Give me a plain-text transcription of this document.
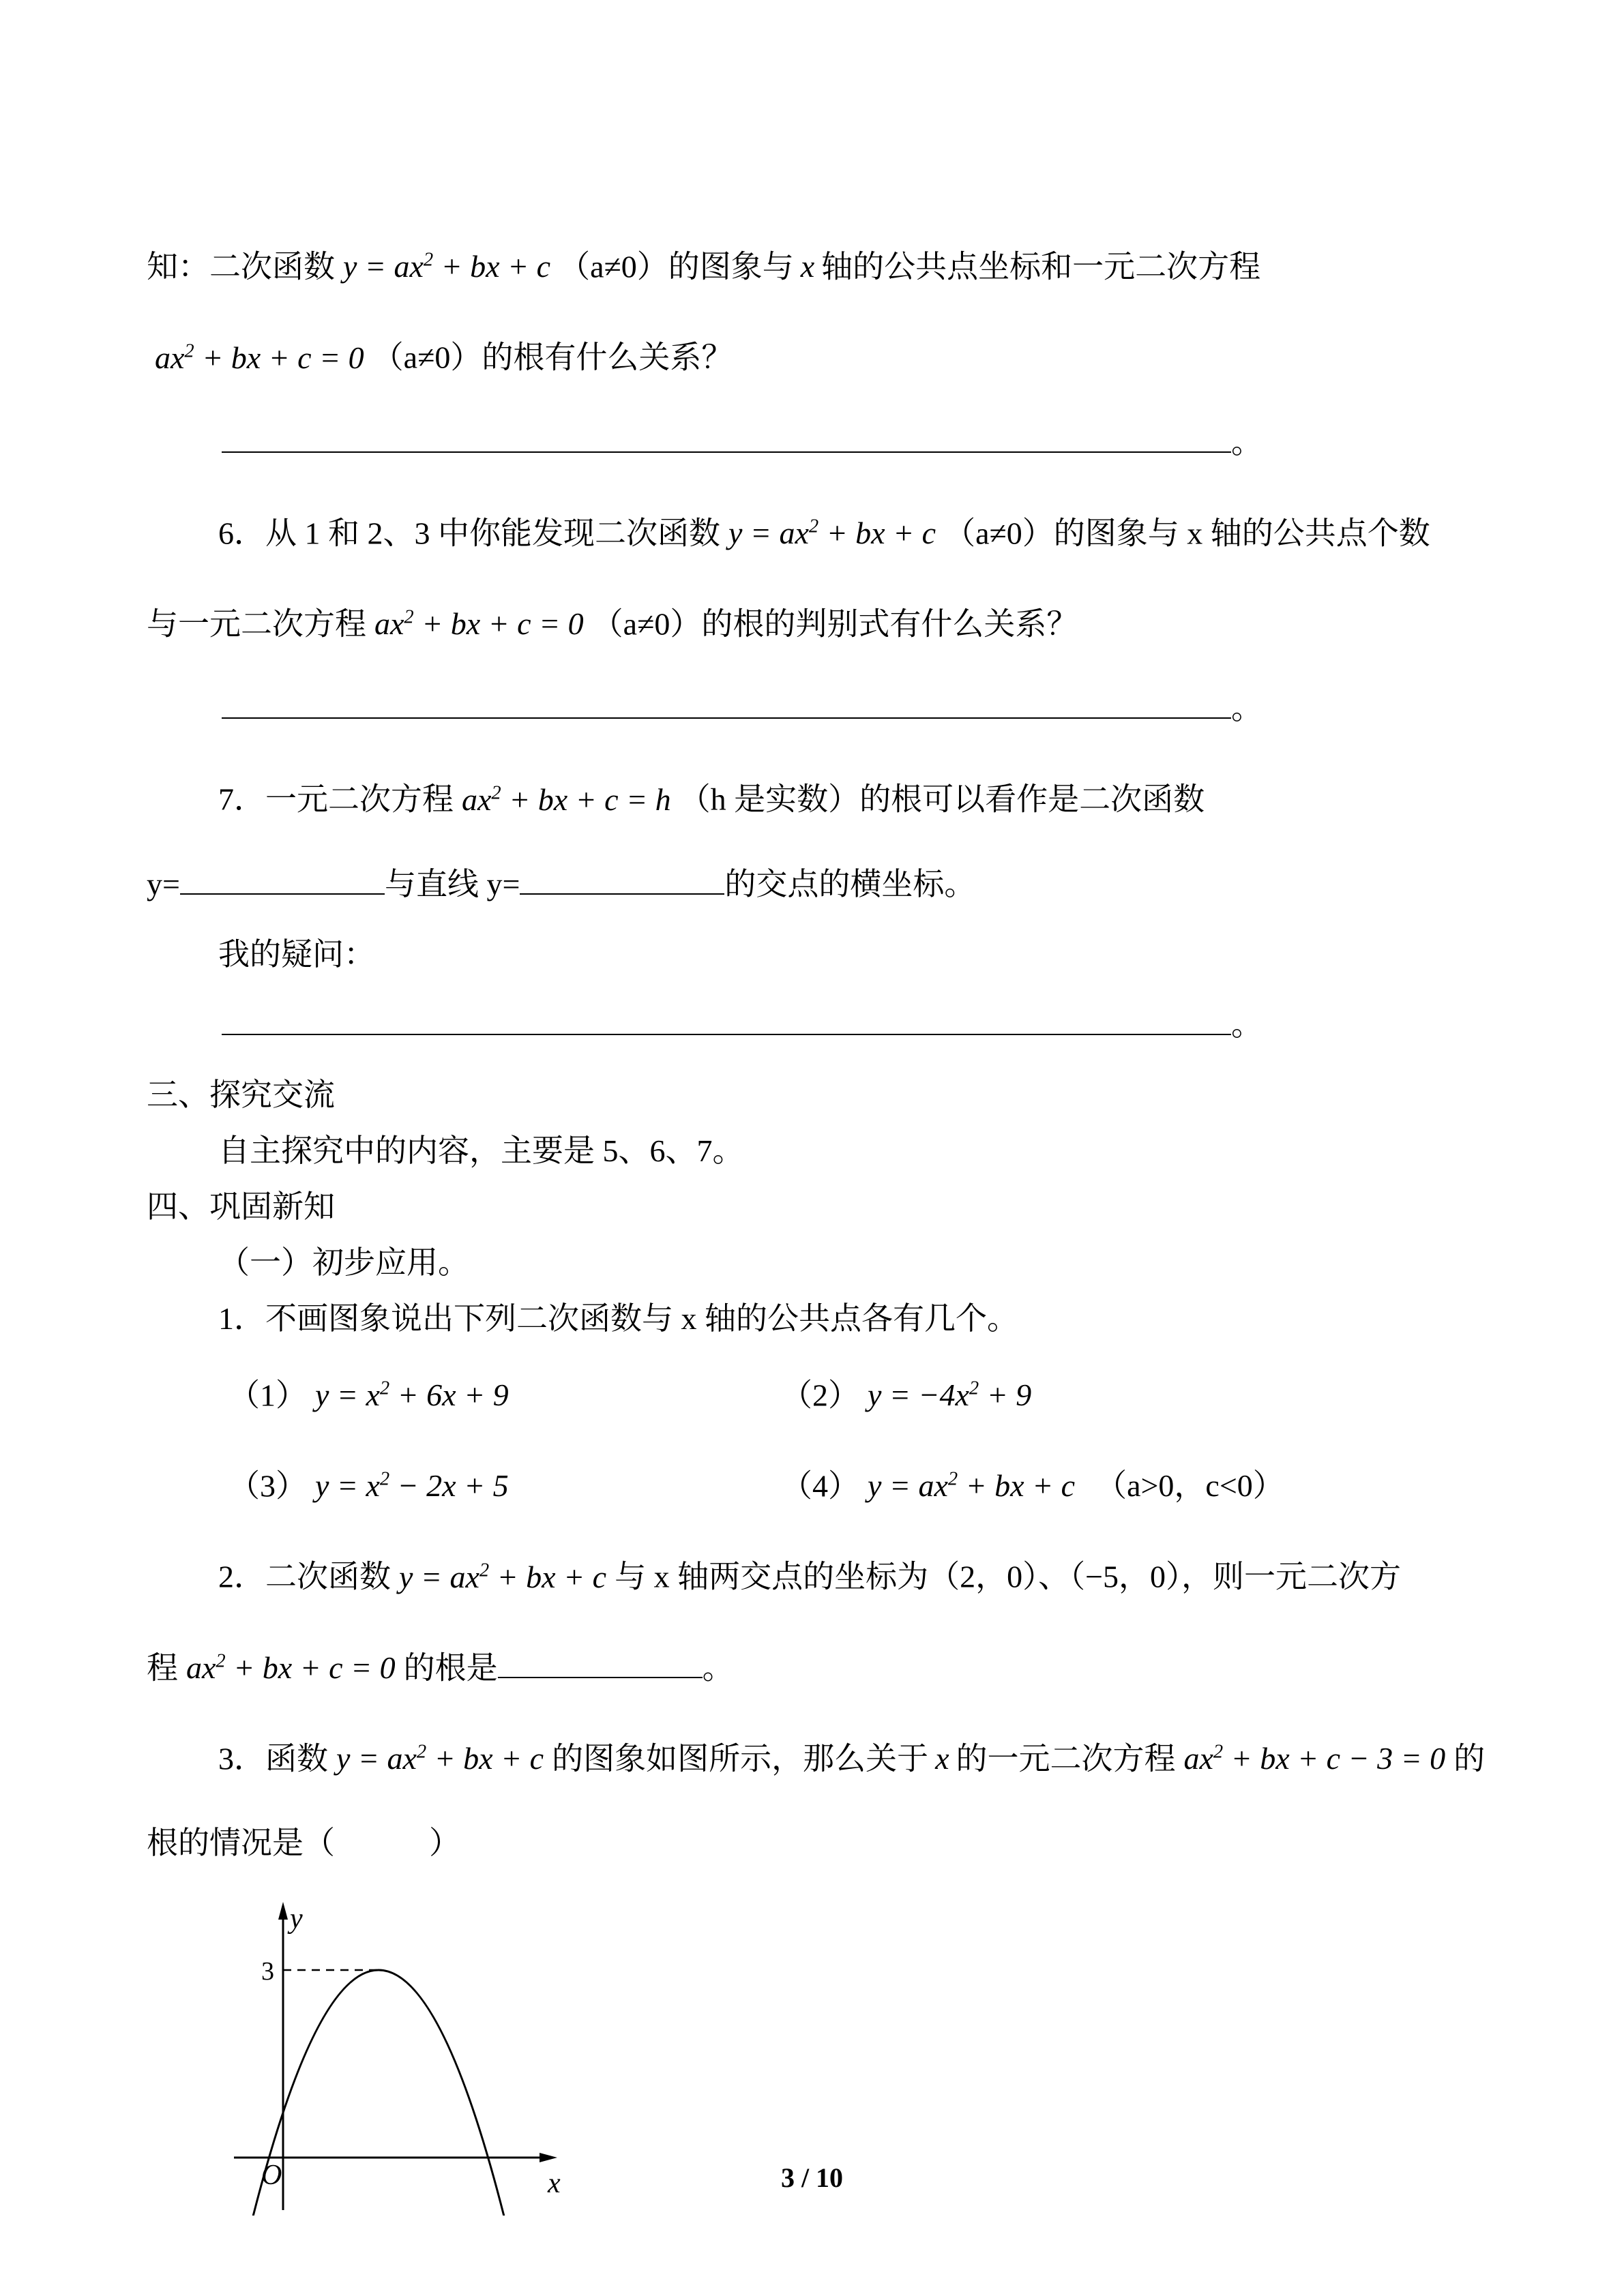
知：二次函数 $y = ax^2$ + bx + c （a≠0）的图象与 x 轴的公共点坐标和一元二次方程
$ax^2$ + bx + c = 0 （a≠0）的根有什么关系？
。
6．从 1 和 2、3 中你能发现二次函数 $y = ax^2$ + bx + c （a≠0）的图象与 x 轴的公共点个数
与一元二次方程 $ax^2$ + bx + c = 0 （a≠0）的根的判别式有什么关系？
。
7．一元二次方程 $ax^2$ + bx + c = h （h 是实数）的根可以看作是二次函数
y=	与直线 y=	的交点的横坐标。
我的疑问：
。
三、探究交流
自主探究中的内容，主要是 5、6、7。
四、巩固新知
（一）初步应用。
1．不画图象说出下列二次函数与 x 轴的公共点各有几个。
（1） $y = x^2 + 6x + 9$	（2） $y = -4x^2 + 9$
（3） $y = x^2 - 2x + 5$	（4） $y = ax^2$ + bx + c （a>0，c<0）
2．二次函数 $y = ax^2$ + bx + c 与 x 轴两交点的坐标为（2，0）、（−5，0），则一元二次方
程 $ax^2$ + bx + c = 0 的根是	。
3．函数 $y = ax^2$ + bx + c 的图象如图所示，那么关于 x 的一元二次方程 $ax^2$ + bx + c − 3 = 0 的
根的情况是（　　　）
y
x
O
3
3 / 10
